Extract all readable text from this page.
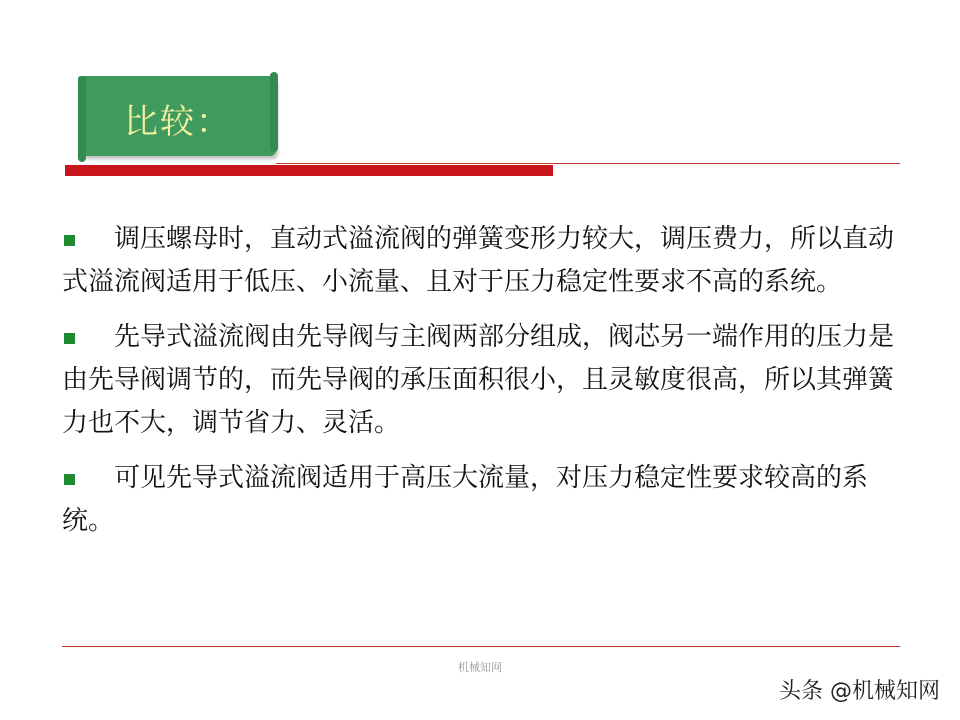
比较：

调压螺母时，直动式溢流阀的弹簧变形力较大，调压费力，所以直动式溢流阀适用于低压、小流量、且对于压力稳定性要求不高的系统。

先导式溢流阀由先导阀与主阀两部分组成，阀芯另一端作用的压力是由先导阀调节的，而先导阀的承压面积很小，且灵敏度很高，所以其弹簧力也不大，调节省力、灵活。

可见先导式溢流阀适用于高压大流量，对压力稳定性要求较高的系统。

机械知网
头条 @机械知网
